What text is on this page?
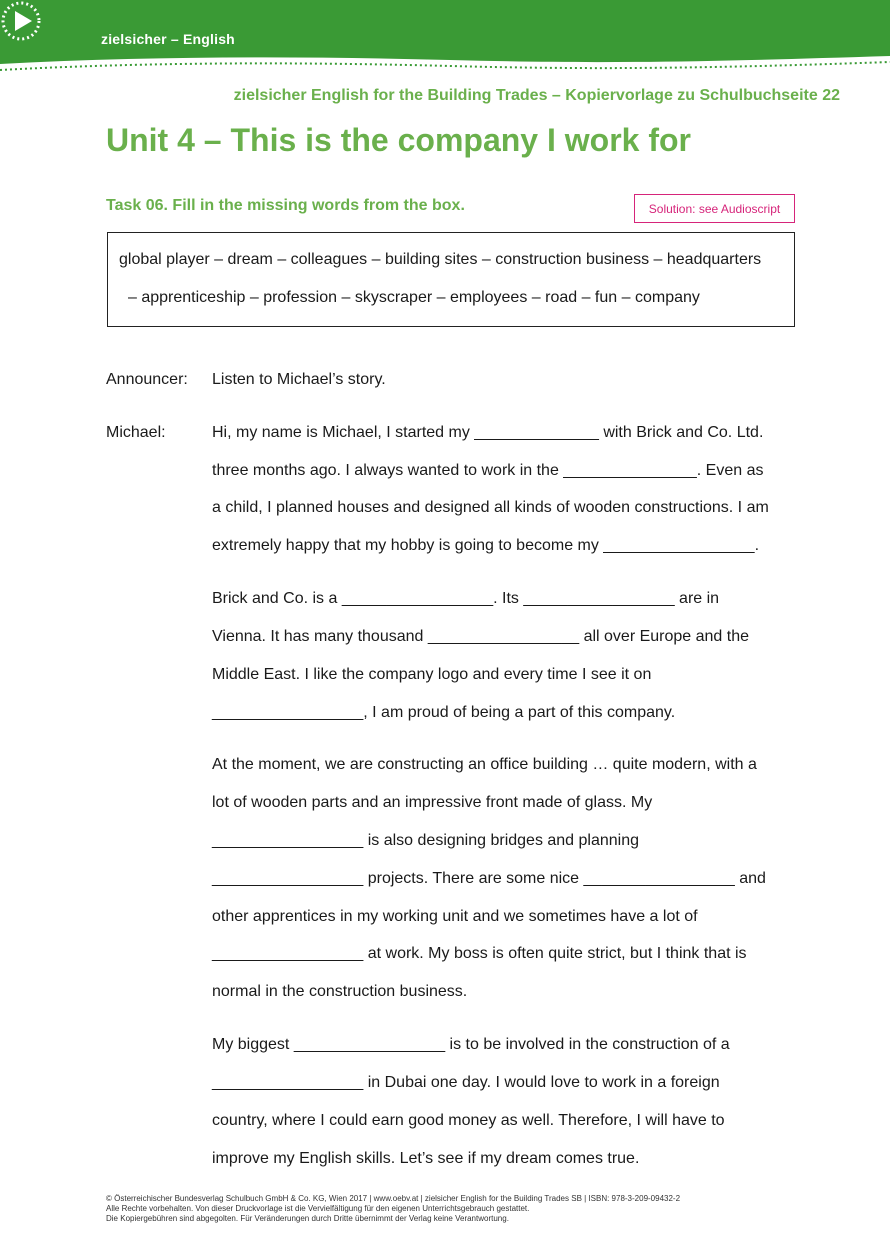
zielsicher – English
zielsicher English for the Building Trades – Kopiervorlage zu Schulbuchseite 22
Unit 4 – This is the company I work for
Task 06. Fill in the missing words from the box.	Solution: see Audioscript
global player – dream – colleagues – building sites – construction business – headquarters
– apprenticeship – profession – skyscraper – employees – road – fun – company
Announcer: Listen to Michael’s story.
Michael:	Hi, my name is Michael, I started my ______________ with Brick and Co. Ltd.
three months ago. I always wanted to work in the _______________. Even as
a child, I planned houses and designed all kinds of wooden constructions. I am
extremely happy that my hobby is going to become my _________________.
Brick and Co. is a _________________. Its _________________ are in
Vienna. It has many thousand _________________ all over Europe and the
Middle East. I like the company logo and every time I see it on
_________________, I am proud of being a part of this company.
At the moment, we are constructing an office building … quite modern, with a
lot of wooden parts and an impressive front made of glass. My
_________________ is also designing bridges and planning
_________________ projects. There are some nice _________________ and
other apprentices in my working unit and we sometimes have a lot of
_________________ at work. My boss is often quite strict, but I think that is
normal in the construction business.
My biggest _________________ is to be involved in the construction of a
_________________ in Dubai one day. I would love to work in a foreign
country, where I could earn good money as well. Therefore, I will have to
improve my English skills. Let’s see if my dream comes true.
© Österreichischer Bundesverlag Schulbuch GmbH & Co. KG, Wien 2017 | www.oebv.at | zielsicher English for the Building Trades SB | ISBN: 978-3-209-09432-2
Alle Rechte vorbehalten. Von dieser Druckvorlage ist die Vervielfältigung für den eigenen Unterrichtsgebrauch gestattet.
Die Kopiergebühren sind abgegolten. Für Veränderungen durch Dritte übernimmt der Verlag keine Verantwortung.
